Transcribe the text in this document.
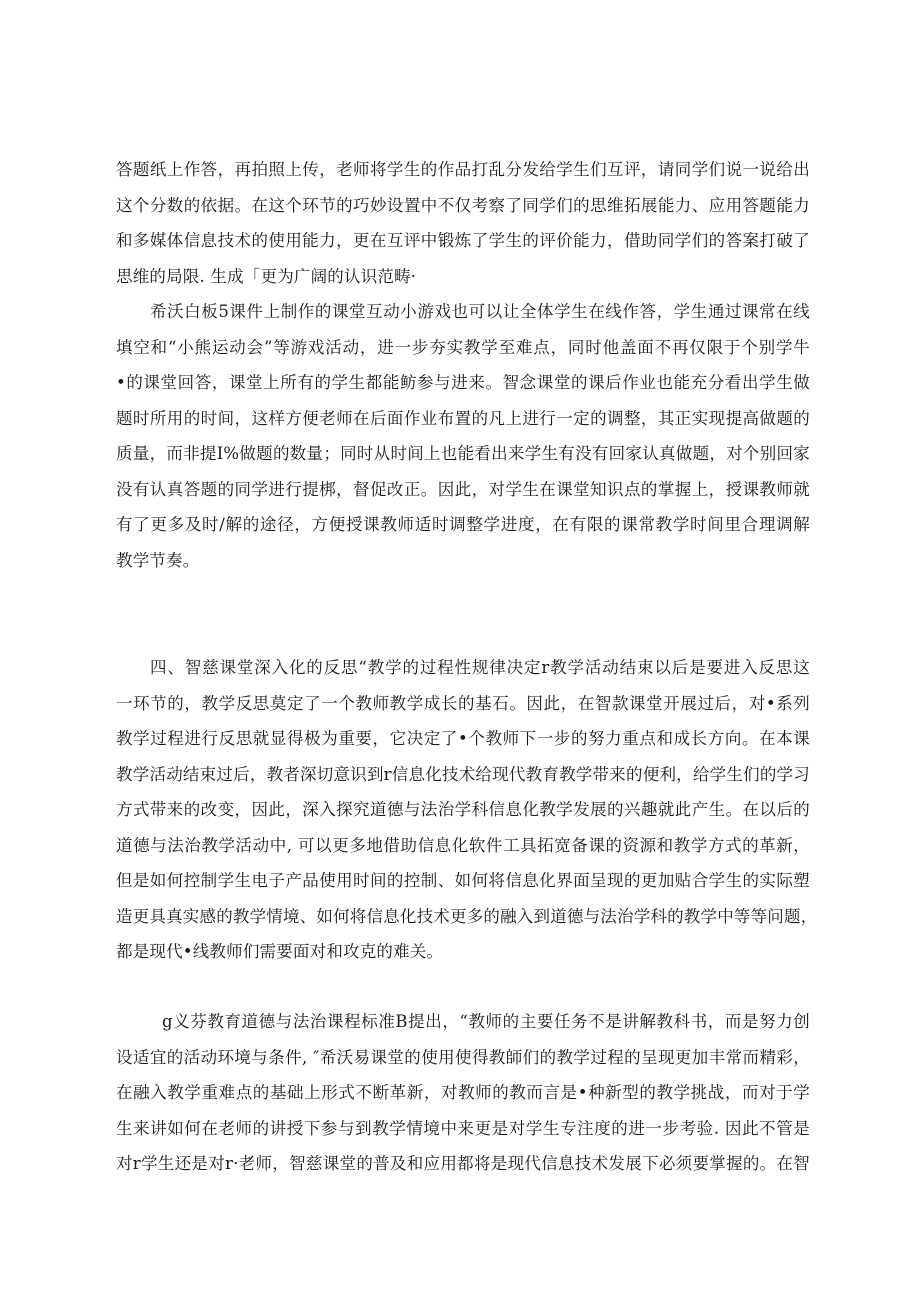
答题纸上作答，再拍照上传，老师将学生的作品打乱分发给学生们互评，请同学们说一说给出
这个分数的依据。在这个环节的巧妙设置中不仅考察了同学们的思维拓展能力、应用答题能力
和多媒体信息技术的使用能力，更在互评中锻炼了学生的评价能力，借助同学们的答案打破了
思维的局限. 生成「更为广阔的认识范畴·
希沃白板5课件上制作的课堂互动小游戏也可以让全体学生在线作答，学生通过课常在线
填空和“小熊运动会”等游戏活动，进一步夯实教学至难点，同时他盖面不再仅限于个别学牛
•的课堂回答，课堂上所有的学生都能鲂参与进来。智念课堂的课后作业也能充分看出学生做
题时所用的时间，这样方便老师在后面作业布置的凡上进行一定的调整，其正实现提高做题的
质量，而非提I%做题的数量；同时从时间上也能看出来学生有没有回家认真做题，对个别回家
没有认真答题的同学进行提梆，督促改正。因此，对学生在课堂知识点的掌握上，授课教师就
有了更多及时/解的途径，方便授课教师适时调整学进度，在有限的课常教学时间里合理调解
教学节奏。
四、智慈课堂深入化的反思“教学的过程性规律决定r教学活动结束以后是要进入反思这
一环节的，教学反思莫定了一个教师教学成长的基石。因此，在智款课堂开展过后，对•系列
教学过程进行反思就显得极为重要，它决定了•个教师下一步的努力重点和成长方向。在本课
教学活动结束过后，教者深切意识到r信息化技术给现代教育教学带来的便利，给学生们的学习
方式带来的改变，因此，深入探究道德与法治学科信息化教学发展的兴趣就此产生。在以后的
道德与法治教学活动中, 可以更多地借助信息化软件工具拓宽备课的资源和教学方式的革新，
但是如何控制学生电子产品使用时间的控制、如何将信息化界面呈现的更加贴合学生的实际塑
造更具真实感的教学情境、如何将信息化技术更多的融入到道德与法治学科的教学中等等问题，
都是现代•线教师们需要面对和攻克的难关。
g义芬教育道德与法治课程标准B提出，“教师的主要任务不是讲解教科书，而是努力创
设适宜的活动环境与条件, ″希沃易课堂的使用使得教師们的教学过程的呈现更加丰常而精彩，
在融入教学重难点的基础上形式不断革新，对教师的教而言是•种新型的教学挑战，而对于学
生来讲如何在老师的讲授下参与到教学情境中来更是对学生专注度的进一步考验. 因此不管是
对r学生还是对r·老师，智慈课堂的普及和应用都将是现代信息技术发展下必须要掌握的。在智
